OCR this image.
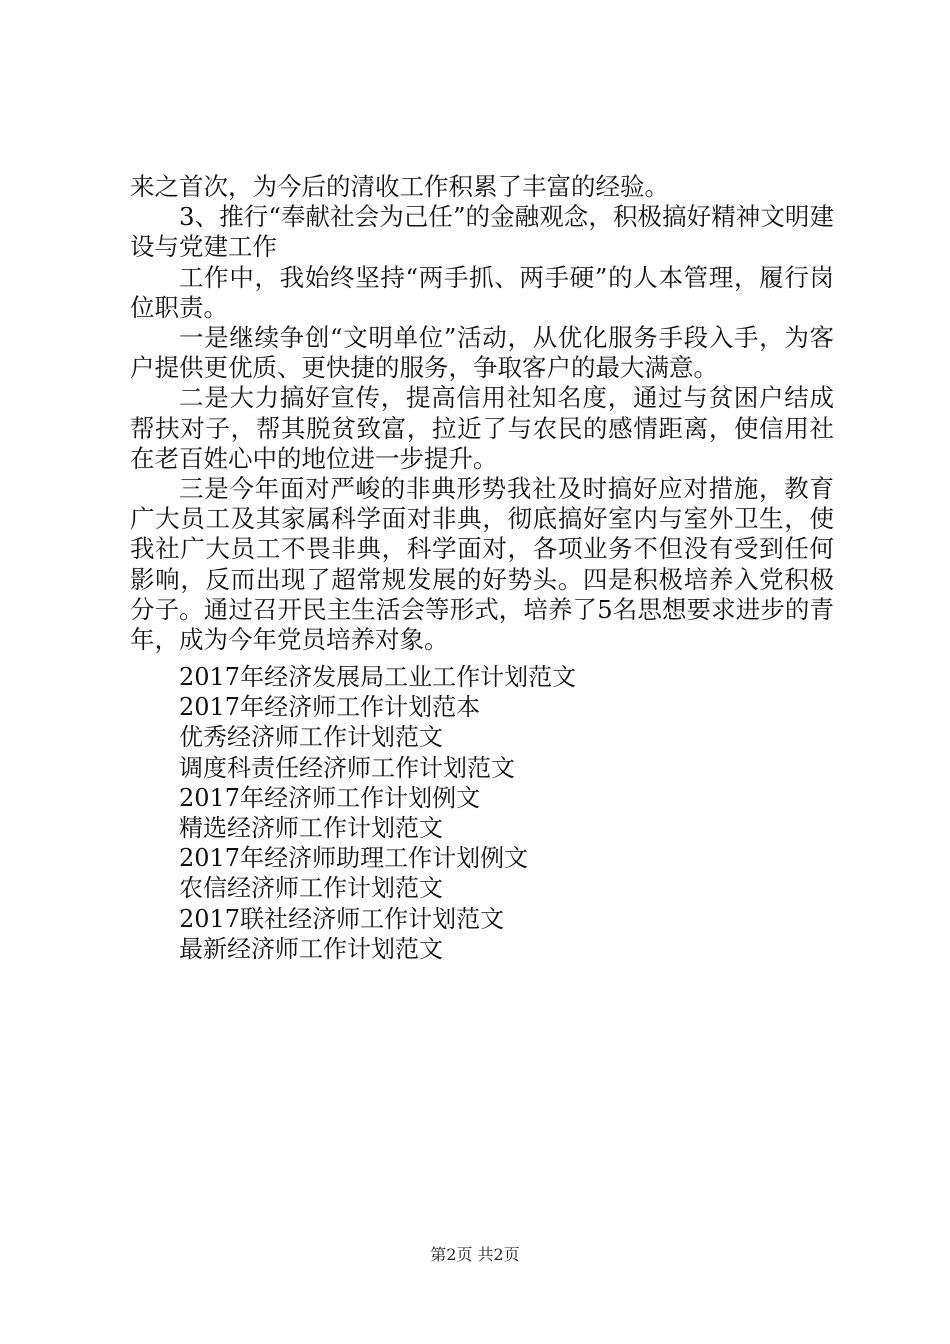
来之首次，为今后的清收工作积累了丰富的经验。

3、推行“奉献社会为己任”的金融观念，积极搞好精神文明建设与党建工作

工作中，我始终坚持“两手抓、两手硬”的人本管理，履行岗位职责。

一是继续争创“文明单位”活动，从优化服务手段入手，为客户提供更优质、更快捷的服务，争取客户的最大满意。

二是大力搞好宣传，提高信用社知名度，通过与贫困户结成帮扶对子，帮其脱贫致富，拉近了与农民的感情距离，使信用社在老百姓心中的地位进一步提升。

三是今年面对严峻的非典形势我社及时搞好应对措施，教育广大员工及其家属科学面对非典，彻底搞好室内与室外卫生，使我社广大员工不畏非典，科学面对，各项业务不但没有受到任何影响，反而出现了超常规发展的好势头。四是积极培养入党积极分子。通过召开民主生活会等形式，培养了5名思想要求进步的青年，成为今年党员培养对象。

2017年经济发展局工业工作计划范文
2017年经济师工作计划范本
优秀经济师工作计划范文
调度科责任经济师工作计划范文
2017年经济师工作计划例文
精选经济师工作计划范文
2017年经济师助理工作计划例文
农信经济师工作计划范文
2017联社经济师工作计划范文
最新经济师工作计划范文
第2页 共2页
